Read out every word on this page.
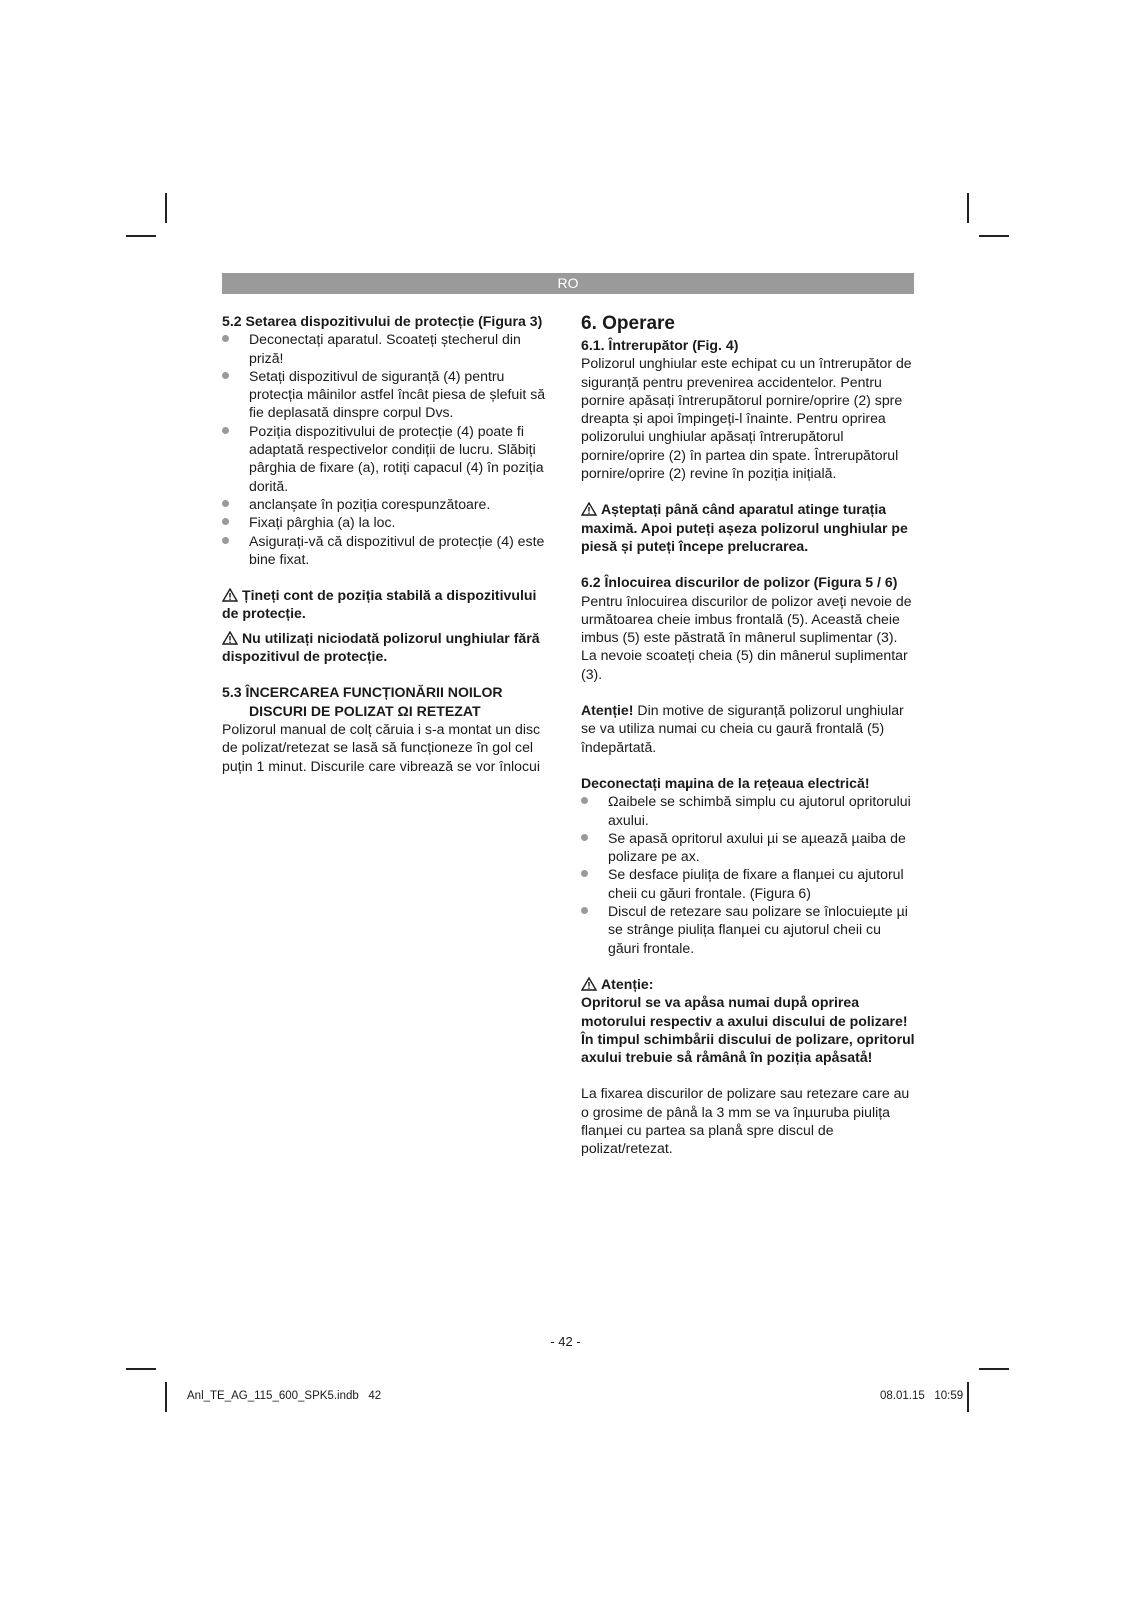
RO

5.2 Setarea dispozitivului de protecție (Figura 3)

Deconectați aparatul. Scoateți ștecherul din priză!
Setați dispozitivul de siguranță (4) pentru protecția mâinilor astfel încât piesa de șlefuit să fie deplasată dinspre corpul Dvs.
Poziția dispozitivului de protecție (4) poate fi adaptată respectivelor condiții de lucru. Slăbiți pârghia de fixare (a), rotiți capacul (4) în poziția dorită.
anclanșate în poziția corespunzătoare.
Fixați pârghia (a) la loc.
Asigurați-vă că dispozitivul de protecție (4) este bine fixat.

Țineți cont de poziția stabilă a dispozitivului de protecție.

Nu utilizați niciodată polizorul unghiular fără dispozitivul de protecție.

5.3 ÎNCERCAREA FUNCȚIONĂRII NOILOR DISCURI DE POLIZAT ΩI RETEZAT

Polizorul manual de colț căruia i s-a montat un disc de polizat/retezat se lasă să funcționeze în gol cel puțin 1 minut. Discurile care vibrează se vor înlocui

6. Operare

6.1. Întrerupător (Fig. 4)

Polizorul unghiular este echipat cu un întrerupător de siguranță pentru prevenirea accidentelor. Pentru pornire apăsați întrerupătorul pornire/oprire (2) spre dreapta și apoi împingeți-l înainte. Pentru oprirea polizorului unghiular apăsați întrerupătorul pornire/oprire (2) în partea din spate. Întrerupătorul pornire/oprire (2) revine în poziția inițială.

Așteptați până când aparatul atinge turația maximă. Apoi puteți așeza polizorul unghiular pe piesă și puteți începe prelucrarea.

6.2 Înlocuirea discurilor de polizor (Figura 5 / 6)

Pentru înlocuirea discurilor de polizor aveți nevoie de următoarea cheie imbus frontală (5). Această cheie imbus (5) este păstrată în mânerul suplimentar (3). La nevoie scoateți cheia (5) din mânerul suplimentar (3).

Atenție! Din motive de siguranță polizorul unghiular se va utiliza numai cu cheia cu gaură frontală (5) îndepărtată.

Deconectați maµina de la rețeaua electrică!

Ωaibele se schimbă simplu cu ajutorul opritorului axului.
Se apasă opritorul axului µi se aµează µaiba de polizare pe ax.
Se desface piulița de fixare a flanµei cu ajutorul cheii cu găuri frontale. (Figura 6)
Discul de retezare sau polizare se înlocuieµte µi se strânge piulița flanµei cu ajutorul cheii cu găuri frontale.

Atenție:

Opritorul se va apåsa numai dupå oprirea motorului respectiv a axului discului de polizare! În timpul schimbårii discului de polizare, opritorul axului trebuie så råmânå în poziția apåsatå!

La fixarea discurilor de polizare sau retezare care au o grosime de pânå la 3 mm se va înµuruba piulița flanµei cu partea sa planå spre discul de polizat/retezat.

- 42 -
Anl_TE_AG_115_600_SPK5.indb   42	08.01.15   10:59
